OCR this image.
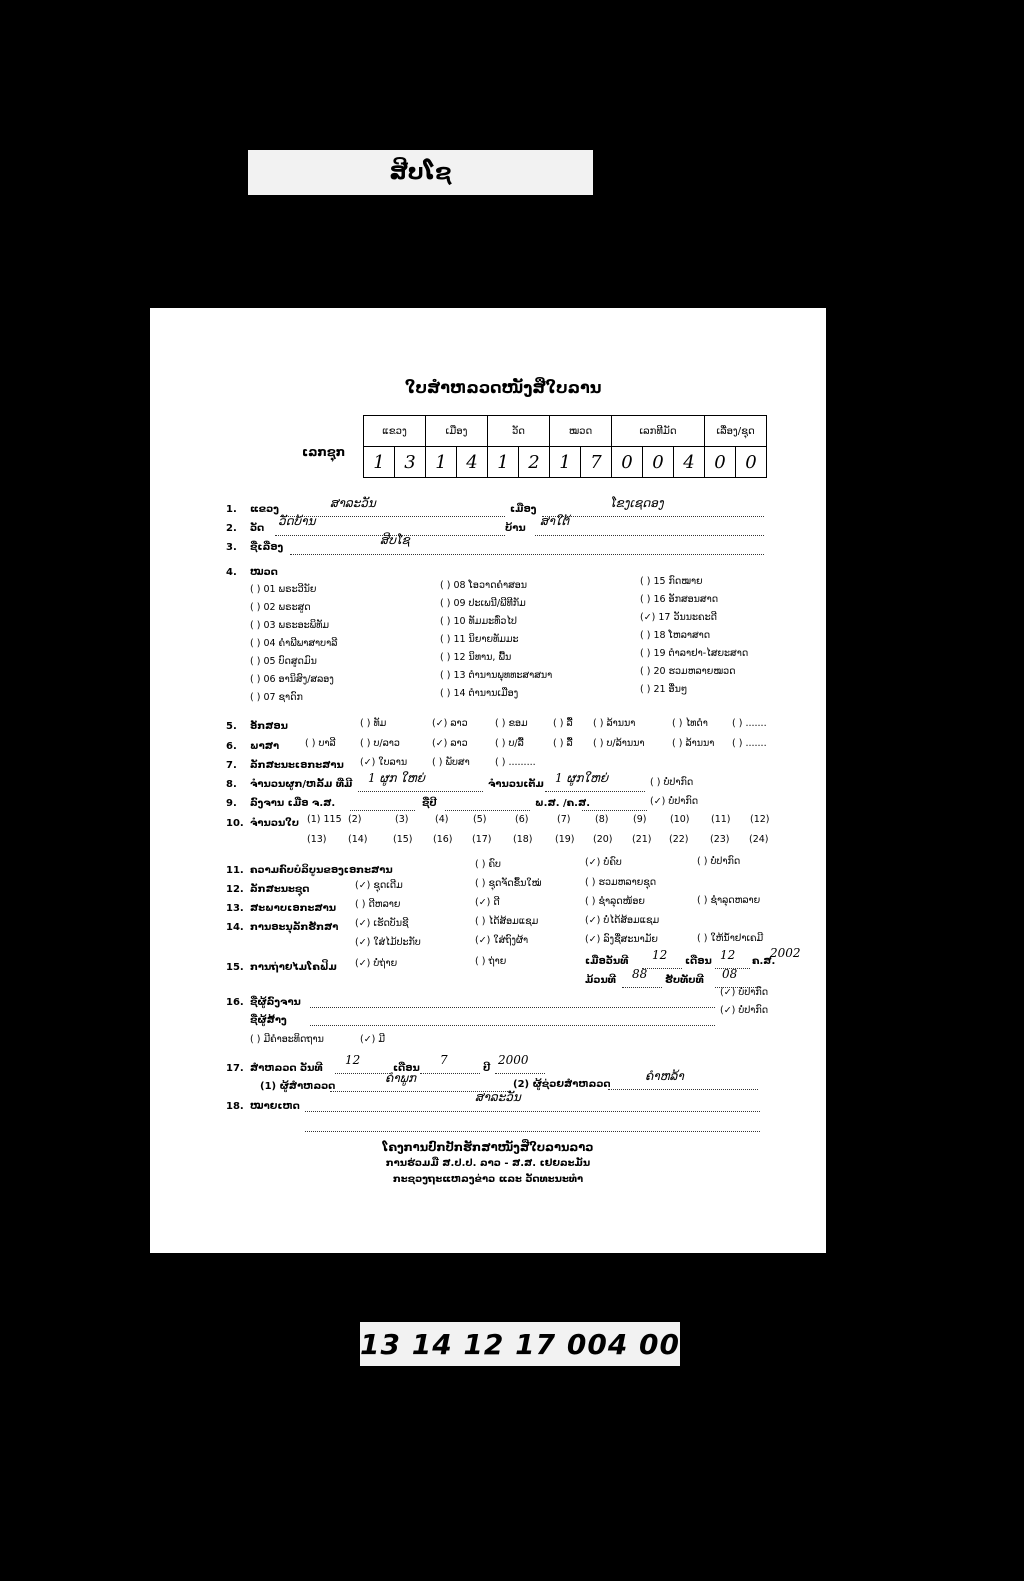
ສີບໂຊ
ໃບສຳຫລວດໜັງສືໃບລານ
ເລກຊຸກ
ແຂວງ		ເມືອງ		ວັດ		ໝວດ		ເລກທີມັດ			ເລື່ອງ/ຊຸດ	
1	3	1	4	1	2	1	7	0	0	4	0	0
1. ແຂວງ	ສາລະວັນ	ເມືອງ	ໂຂງເຊດອງ
2. ວັດ
ວັດບ້ານ
ບ້ານ
ສາໃຕ້
3. ຊື່ເລື່ອງ
ສີບໂຊ
4. ໝວດ
( ) 01 ພຣະວີນັຍ
( ) 02 ພຣະສູດ
( ) 03 ພຣະອະພິທັມ
( ) 04 ຄຳພີພາສາບາລີ
( ) 05 ບົດສູດມົນ
( ) 06 ອານິສົງ/ສລອງ
( ) 07 ຊາດົກ
( ) 08 ໂອວາດຄຳສອນ
( ) 09 ປະເພນີ/ພີທີກັມ
( ) 10 ທັມມະທົ່ວໄປ
( ) 11 ນິຍາຍທັມມະ
( ) 12 ນິທານ, ພື້ນ
( ) 13 ຕຳນານພຸທທະສາສນາ
( ) 14 ຕຳນານເມືອງ
( ) 15 ກົດໝາຍ
( ) 16 ອັກສອນສາດ
(✓) 17 ວັນນະຄະດີ
( ) 18 ໂຫລາສາດ
( ) 19 ຕຳລາຢາ-ໄສຍະສາດ
( ) 20 ຮວມຫລາຍໝວດ
( ) 21 ອື່ນໆ
5. ອັກສອນ	( ) ທັມ	(✓) ລາວ	( ) ຂອມ	( ) ລື້ ( ) ລ້ານນາ	( ) ໄທດຳ	( ) .......
6. ພາສາ	( ) ບາລີ	( ) ບ/ລາວ	(✓) ລາວ	( ) ບ/ລື້	( ) ລື້ ( ) ບ/ລ້ານນາ	( ) ລ້ານນາ ( ) .......
7. ລັກສະນະເອກະສານ (✓) ໃບລານ	( ) ພັບສາ	( ) .........
8. ຈຳນວນຜູກ/ຫລັ້ມ ທີ່ມີ 1 ຜູກ ໃຫຍ່	ຈຳນວນເຕັມ 1 ຜູກໃຫຍ່	( ) ບໍ່ປາກົດ
9. ລົງຈານ ເມື່ອ ຈ.ສ.	ຊື່ປີ	ພ.ສ. /ຄ.ສ.	(✓) ບໍ່ປາກົດ
10. ຈຳນວນໃບ (1) 115 (2)	(3)	(4)	(5)	(6)	(7)	(8)	(9) (10) (11) (12)
(13) (14)	(15) (16) (17) (18) (19) (20) (21) (22) (23) (24)
11. ຄວາມຄົບບໍລິບູນຂອງເອກະສານ
( ) ຄົບ	(✓) ບໍ່ຄົບ	( ) ບໍ່ປາກົດ
12. ລັກສະນະຊຸດ	(✓) ຊຸດເດີມ	( ) ຊຸດຈັດຂຶ້ນໃໝ່	( ) ຮວມຫລາຍຊຸດ
13. ສະພາບເອກະສານ ( ) ດີຫລາຍ	(✓) ດີ	( ) ຊຳລຸດໜ້ອຍ	( ) ຊຳລຸດຫລາຍ
14. ການອະນຸລັກຮັກສາ (✓) ເຮັດບັນຊີ	( ) ໄດ້ສ້ອມແຊມ	(✓) ບໍ່ໄດ້ສ້ອມແຊມ
(✓) ໃສ່ໄມ້ປະກັບ	(✓) ໃສ່ຖົງຜ້າ	(✓) ລົງຊື່ສະນາມັຍ	( ) ໃຫ້ນ້ຳຢາເຄມີ
15. ການຖ່າຍໄມໂຄຟິມ (✓) ບໍ່ຖ່າຍ	( ) ຖ່າຍ	ເມື່ອວັນທີ 12 ເດືອນ 12 ຄ.ສ.
2002
ມ້ວນທີ 88 ຮັບທັບທີ 08
16. ຊື່ຜູ້ລົງຈານ
(✓) ບໍ່ປາກົດ
ຊື່ຜູ້ສ້າງ
(✓) ບໍ່ປາກົດ
( ) ມີຄຳອະທິດຖານ	(✓) ມີ
17. ສຳຫລວດ ວັນທີ
12
ເດືອນ
7
ປີ
2000
(1) ຜູ້ສຳຫລວດ
ຄຳພູກ	(2) ຜູ້ຊ່ວຍສຳຫລວດ
ຄຳຫລ້າ
18. ໝາຍເຫດ
ສາລະວັນ
ໂຄງການປົກປັກຮັກສາໜັງສືໃບລານລາວ
ການຮ່ວມມື ສ.ປ.ປ. ລາວ - ສ.ສ. ເຢຍລະມັນ
ກະຊວງຖະແຫລງຂ່າວ ແລະ ວັດທະນະທຳ
13 14 12 17 004 00
